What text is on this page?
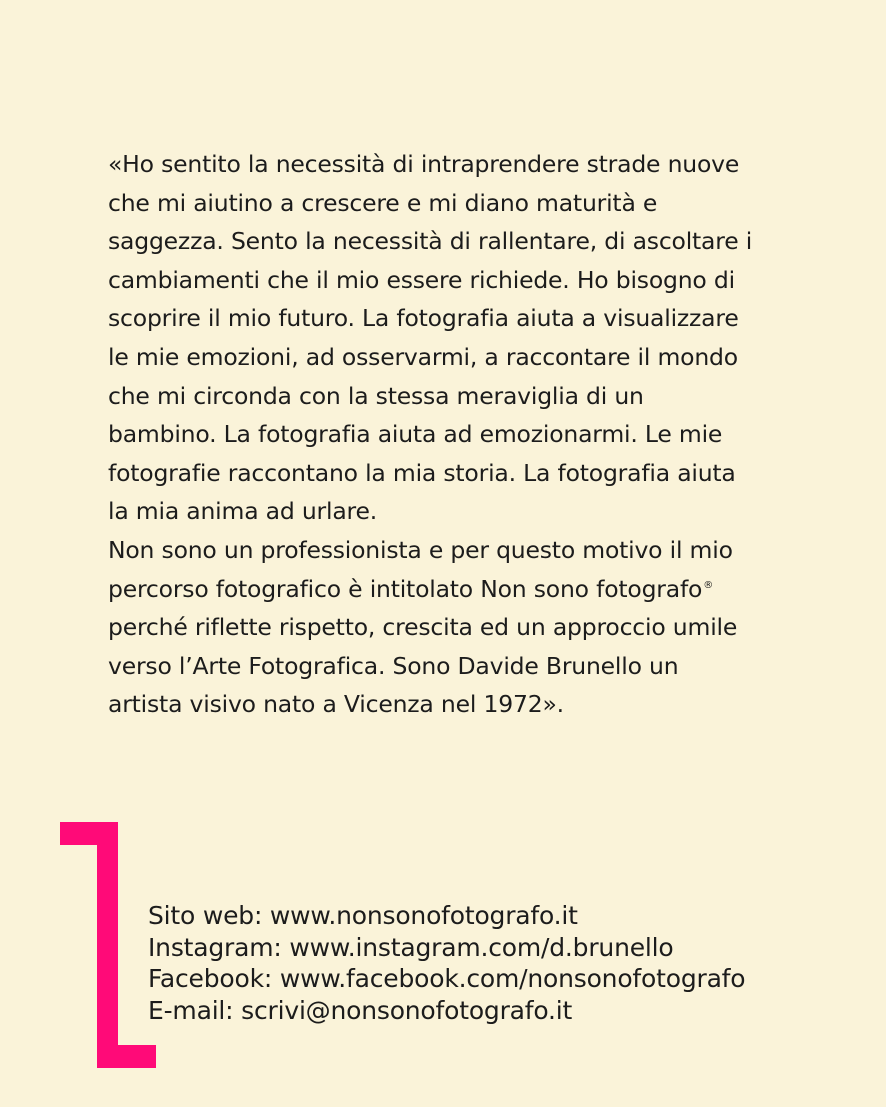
«Ho sentito la necessità di intraprendere strade nuove
che mi aiutino a crescere e mi diano maturità e
saggezza. Sento la necessità di rallentare, di ascoltare i
cambiamenti che il mio essere richiede. Ho bisogno di
scoprire il mio futuro. La fotografia aiuta a visualizzare
le mie emozioni, ad osservarmi, a raccontare il mondo
che mi circonda con la stessa meraviglia di un
bambino. La fotografia aiuta ad emozionarmi. Le mie
fotografie raccontano la mia storia. La fotografia aiuta
la mia anima ad urlare.
Non sono un professionista e per questo motivo il mio
percorso fotografico è intitolato Non sono fotografo®
perché riflette rispetto, crescita ed un approccio umile
verso l’Arte Fotografica. Sono Davide Brunello un
artista visivo nato a Vicenza nel 1972».
Sito web: www.nonsonofotografo.it
Instagram: www.instagram.com/d.brunello
Facebook: www.facebook.com/nonsonofotografo
E-mail: scrivi@nonsonofotografo.it
